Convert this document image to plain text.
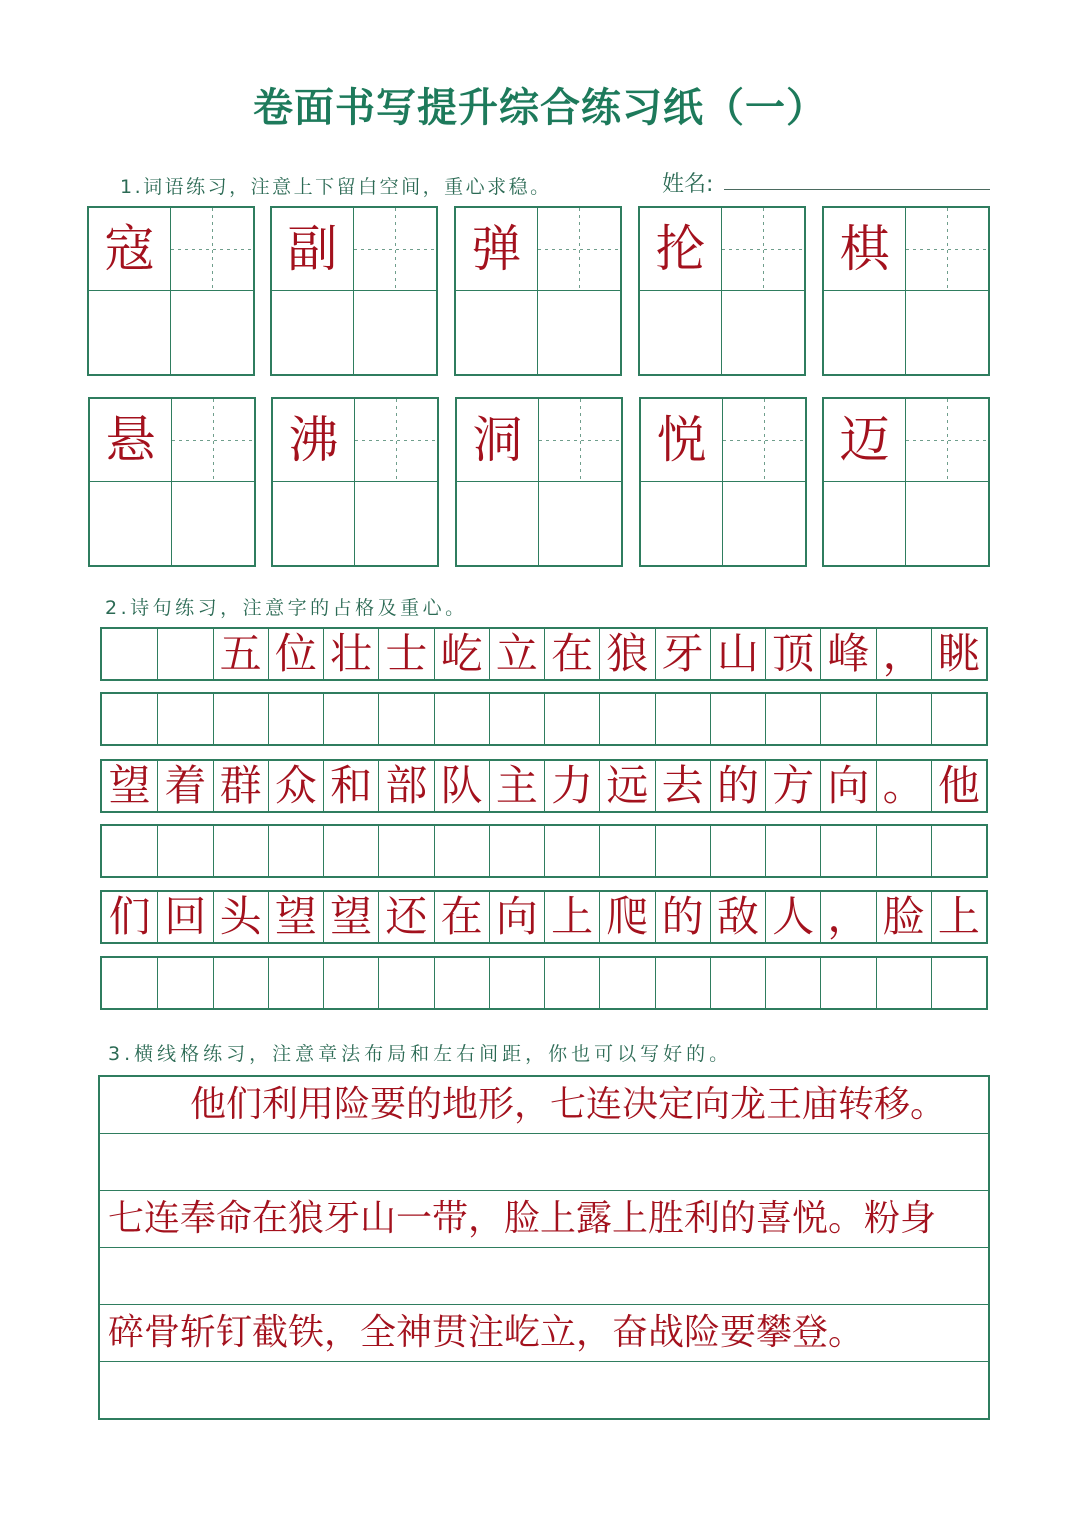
卷面书写提升综合练习纸（一）
1.词语练习，注意上下留白空间，重心求稳。	姓名:
寇	副	弹	抡	棋
悬	沸	洞	悦	迈
2.诗句练习，注意字的占格及重心。
五 位 壮 士 屹 立 在 狼 牙 山 顶 峰 ， 眺
望 着 群 众 和 部 队 主 力 远 去 的 方 向 。 他
们 回 头 望 望 还 在 向 上 爬 的 敌 人 ， 脸 上
3.横线格练习，注意章法布局和左右间距，你也可以写好的。
他们利用险要的地形，七连决定向龙王庙转移。
七连奉命在狼牙山一带，脸上露上胜利的喜悦。粉身
碎骨斩钉截铁，全神贯注屹立，奋战险要攀登。
